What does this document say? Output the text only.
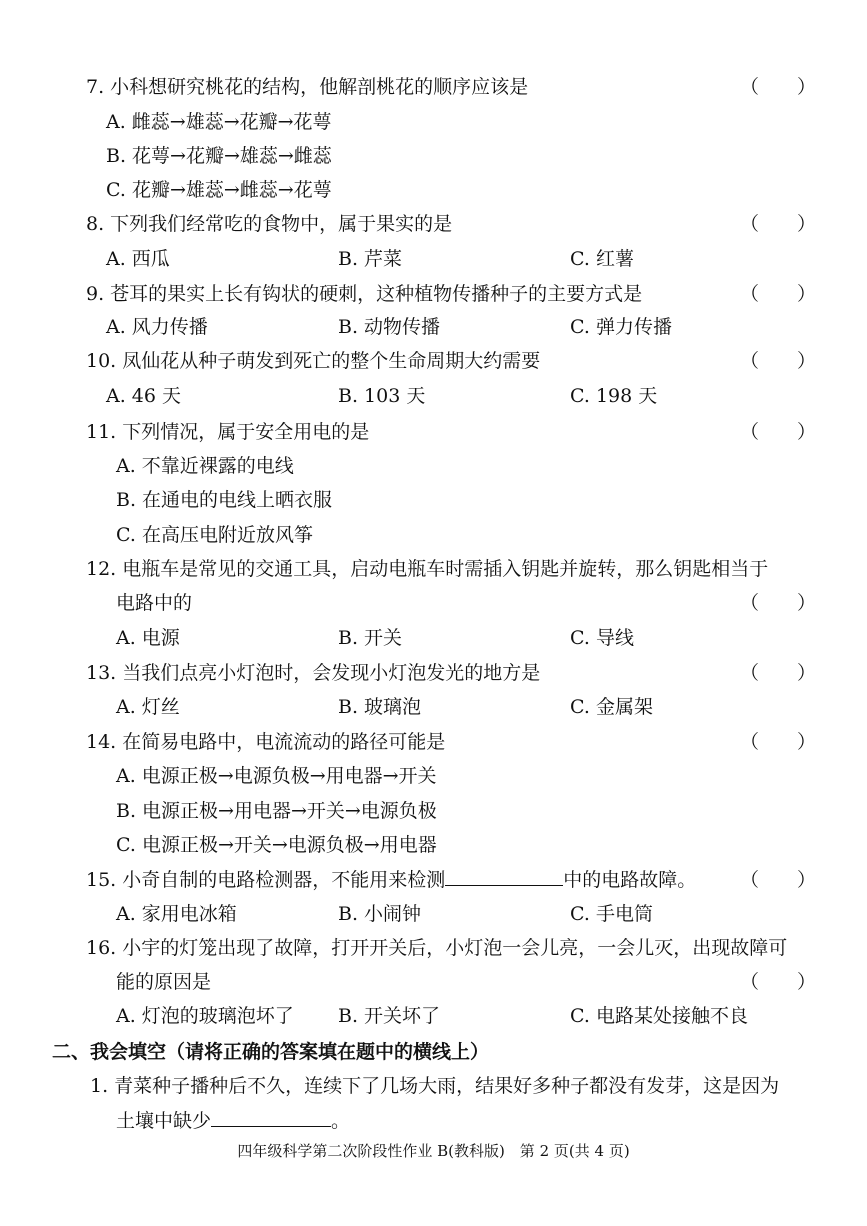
7. 小科想研究桃花的结构，他解剖桃花的顺序应该是	（　　）
A. 雌蕊→雄蕊→花瓣→花萼
B. 花萼→花瓣→雄蕊→雌蕊
C. 花瓣→雄蕊→雌蕊→花萼
8. 下列我们经常吃的食物中，属于果实的是	（　　）
A. 西瓜	B. 芹菜	C. 红薯
9. 苍耳的果实上长有钩状的硬刺，这种植物传播种子的主要方式是	（　　）
A. 风力传播	B. 动物传播	C. 弹力传播
10. 凤仙花从种子萌发到死亡的整个生命周期大约需要	（　　）
A. 46 天	B. 103 天	C. 198 天
11. 下列情况，属于安全用电的是	（　　）
A. 不靠近裸露的电线
B. 在通电的电线上晒衣服
C. 在高压电附近放风筝
12. 电瓶车是常见的交通工具，启动电瓶车时需插入钥匙并旋转，那么钥匙相当于
电路中的	（　　）
A. 电源	B. 开关	C. 导线
13. 当我们点亮小灯泡时，会发现小灯泡发光的地方是	（　　）
A. 灯丝	B. 玻璃泡	C. 金属架
14. 在简易电路中，电流流动的路径可能是	（　　）
A. 电源正极→电源负极→用电器→开关
B. 电源正极→用电器→开关→电源负极
C. 电源正极→开关→电源负极→用电器
15. 小奇自制的电路检测器，不能用来检测	中的电路故障。 （　　）
A. 家用电冰箱	B. 小闹钟	C. 手电筒
16. 小宇的灯笼出现了故障，打开开关后，小灯泡一会儿亮，一会儿灭，出现故障可
能的原因是	（　　）
A. 灯泡的玻璃泡坏了 B. 开关坏了	C. 电路某处接触不良
二、我会填空（请将正确的答案填在题中的横线上）
1. 青菜种子播种后不久，连续下了几场大雨，结果好多种子都没有发芽，这是因为
土壤中缺少	。
四年级科学第二次阶段性作业 B(教科版)　第 2 页(共 4 页)
